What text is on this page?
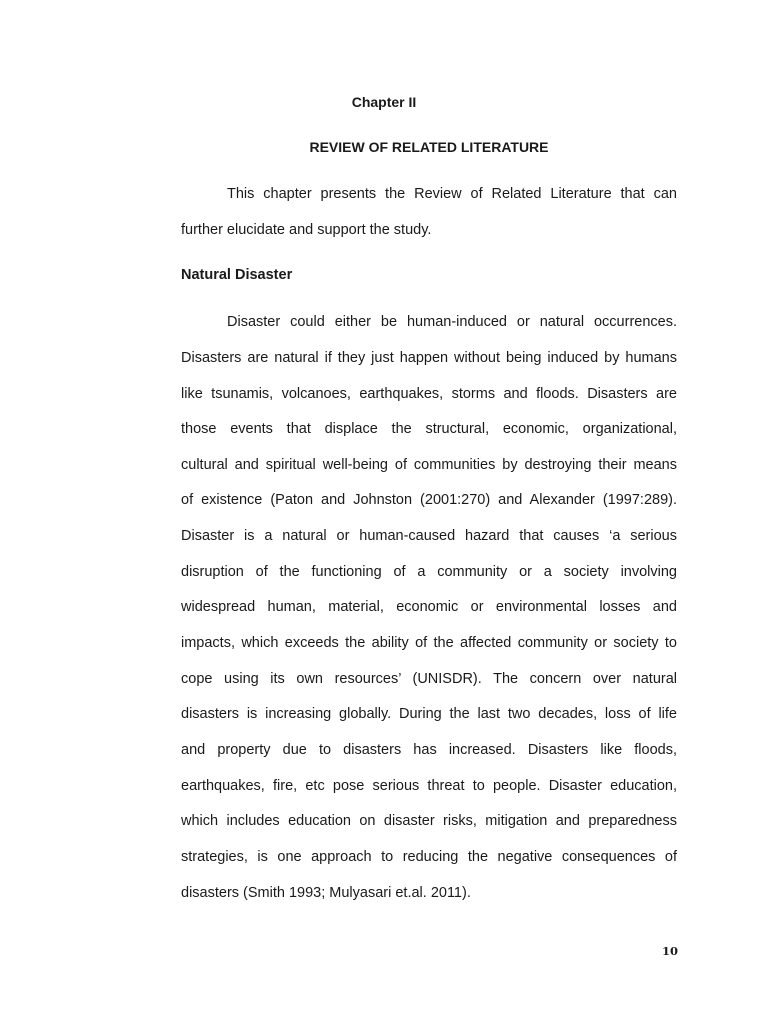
Chapter II
REVIEW OF RELATED LITERATURE
This chapter presents the Review of Related Literature that can
further elucidate and support the study.
Natural Disaster
Disaster could either be human-induced or natural occurrences.
Disasters are natural if they just happen without being induced by humans
like tsunamis, volcanoes, earthquakes, storms and floods. Disasters are
those events that displace the structural, economic, organizational,
cultural and spiritual well-being of communities by destroying their means
of existence (Paton and Johnston (2001:270) and Alexander (1997:289).
Disaster is a natural or human-caused hazard that causes ‘a serious
disruption of the functioning of a community or a society involving
widespread human, material, economic or environmental losses and
impacts, which exceeds the ability of the affected community or society to
cope using its own resources’ (UNISDR). The concern over natural
disasters is increasing globally. During the last two decades, loss of life
and property due to disasters has increased. Disasters like floods,
earthquakes, fire, etc pose serious threat to people. Disaster education,
which includes education on disaster risks, mitigation and preparedness
strategies, is one approach to reducing the negative consequences of
disasters (Smith 1993; Mulyasari et.al. 2011).
10
